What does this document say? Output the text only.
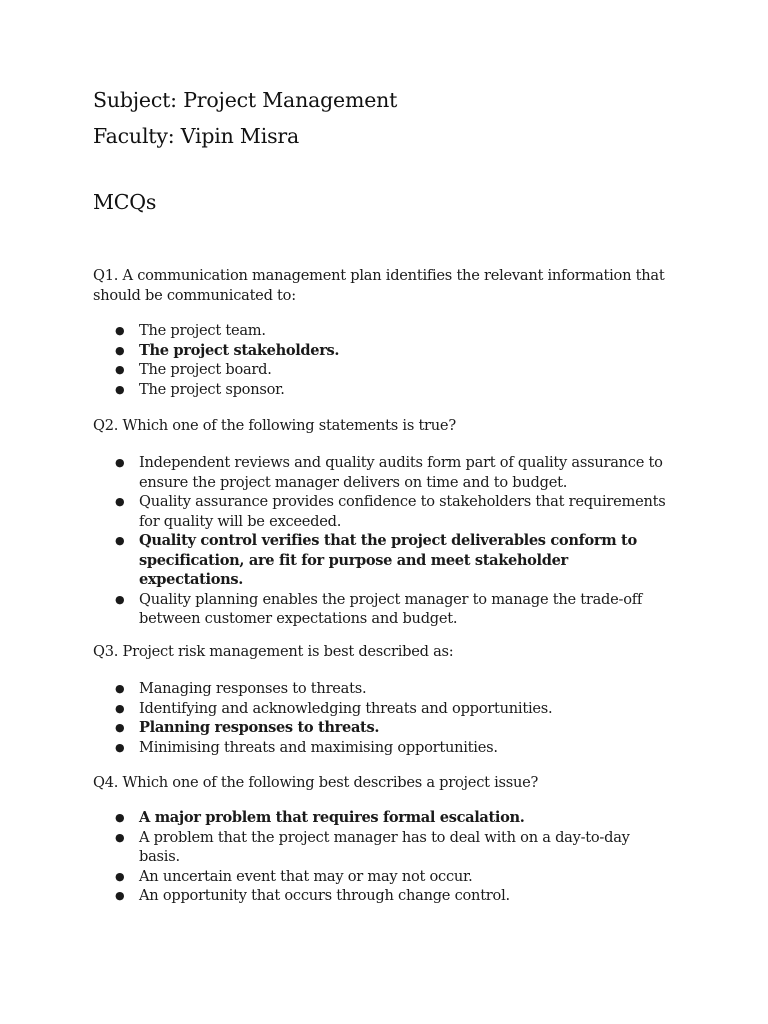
Subject: Project Management
Faculty: Vipin Misra
MCQs

Q1. A communication management plan identifies the relevant information that should be communicated to:

● The project team.
● The project stakeholders.
● The project board.
● The project sponsor.

Q2. Which one of the following statements is true?

● Independent reviews and quality audits form part of quality assurance to ensure the project manager delivers on time and to budget.
● Quality assurance provides confidence to stakeholders that requirements for quality will be exceeded.
● Quality control verifies that the project deliverables conform to specification, are fit for purpose and meet stakeholder expectations.
● Quality planning enables the project manager to manage the trade-off between customer expectations and budget.

Q3. Project risk management is best described as:

● Managing responses to threats.
● Identifying and acknowledging threats and opportunities.
● Planning responses to threats.
● Minimising threats and maximising opportunities.

Q4. Which one of the following best describes a project issue?

● A major problem that requires formal escalation.
● A problem that the project manager has to deal with on a day-to-day basis.
● An uncertain event that may or may not occur.
● An opportunity that occurs through change control.
